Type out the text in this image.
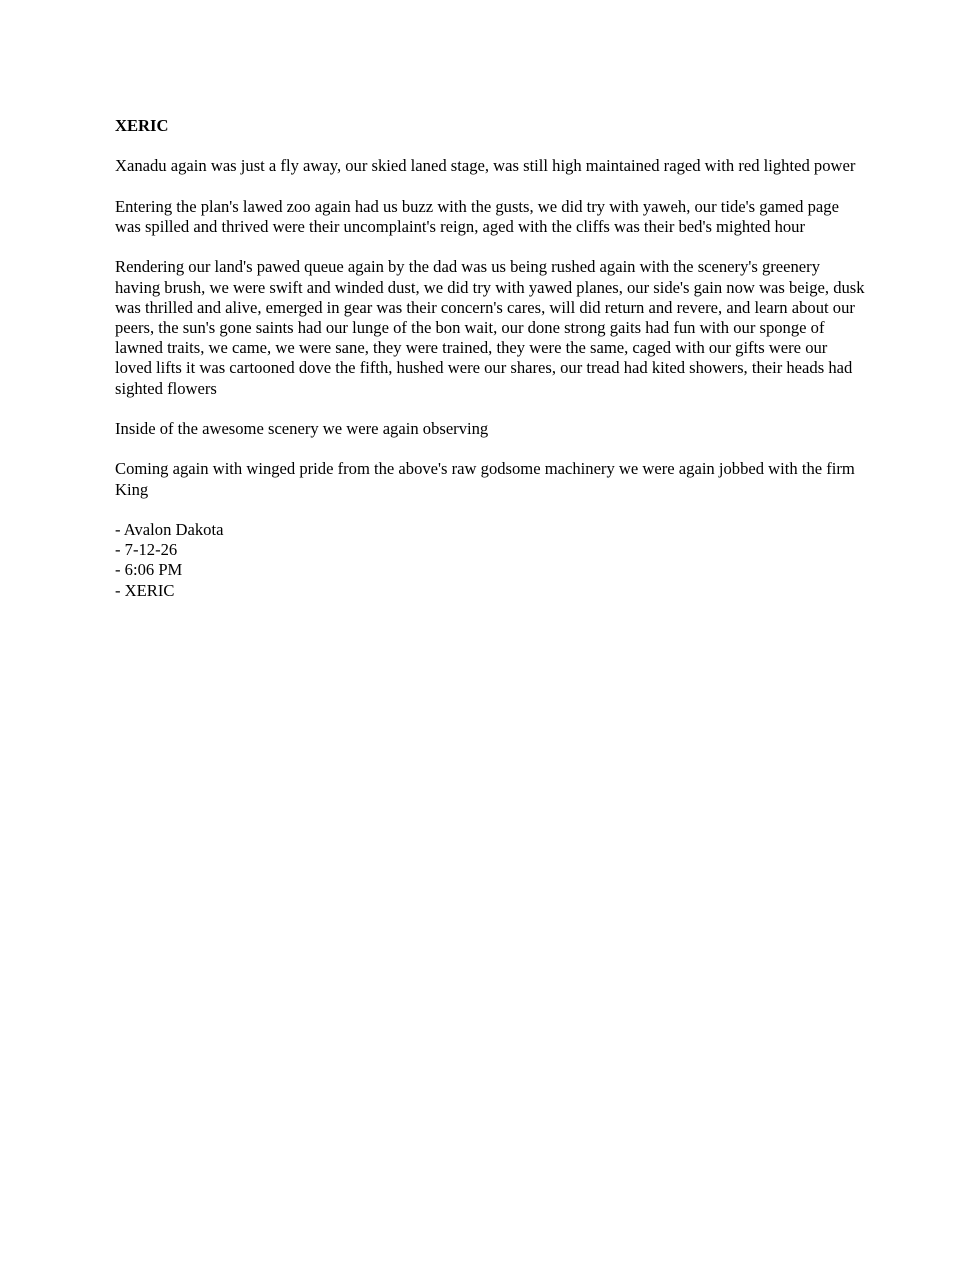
XERIC
Xanadu again was just a fly away, our skied laned stage, was still high maintained raged with red lighted power
Entering the plan's lawed zoo again had us buzz with the gusts, we did try with yaweh, our tide's gamed page was spilled and thrived were their uncomplaint's reign, aged with the cliffs was their bed's mighted hour
Rendering our land's pawed queue again by the dad was us being rushed again with the scenery's greenery having brush, we were swift and winded dust, we did try with yawed planes, our side's gain now was beige, dusk was thrilled and alive, emerged in gear was their concern's cares, will did return and revere, and learn about our peers, the sun's gone saints had our lunge of the bon wait, our done strong gaits had fun with our sponge of lawned traits, we came, we were sane, they were trained, they were the same, caged with our gifts were our loved lifts it was cartooned dove the fifth, hushed were our shares, our tread had kited showers, their heads had sighted flowers
Inside of the awesome scenery we were again observing
Coming again with winged pride from the above's raw godsome machinery we were again jobbed with the firm King
- Avalon Dakota
- 7-12-26
- 6:06 PM
- XERIC
